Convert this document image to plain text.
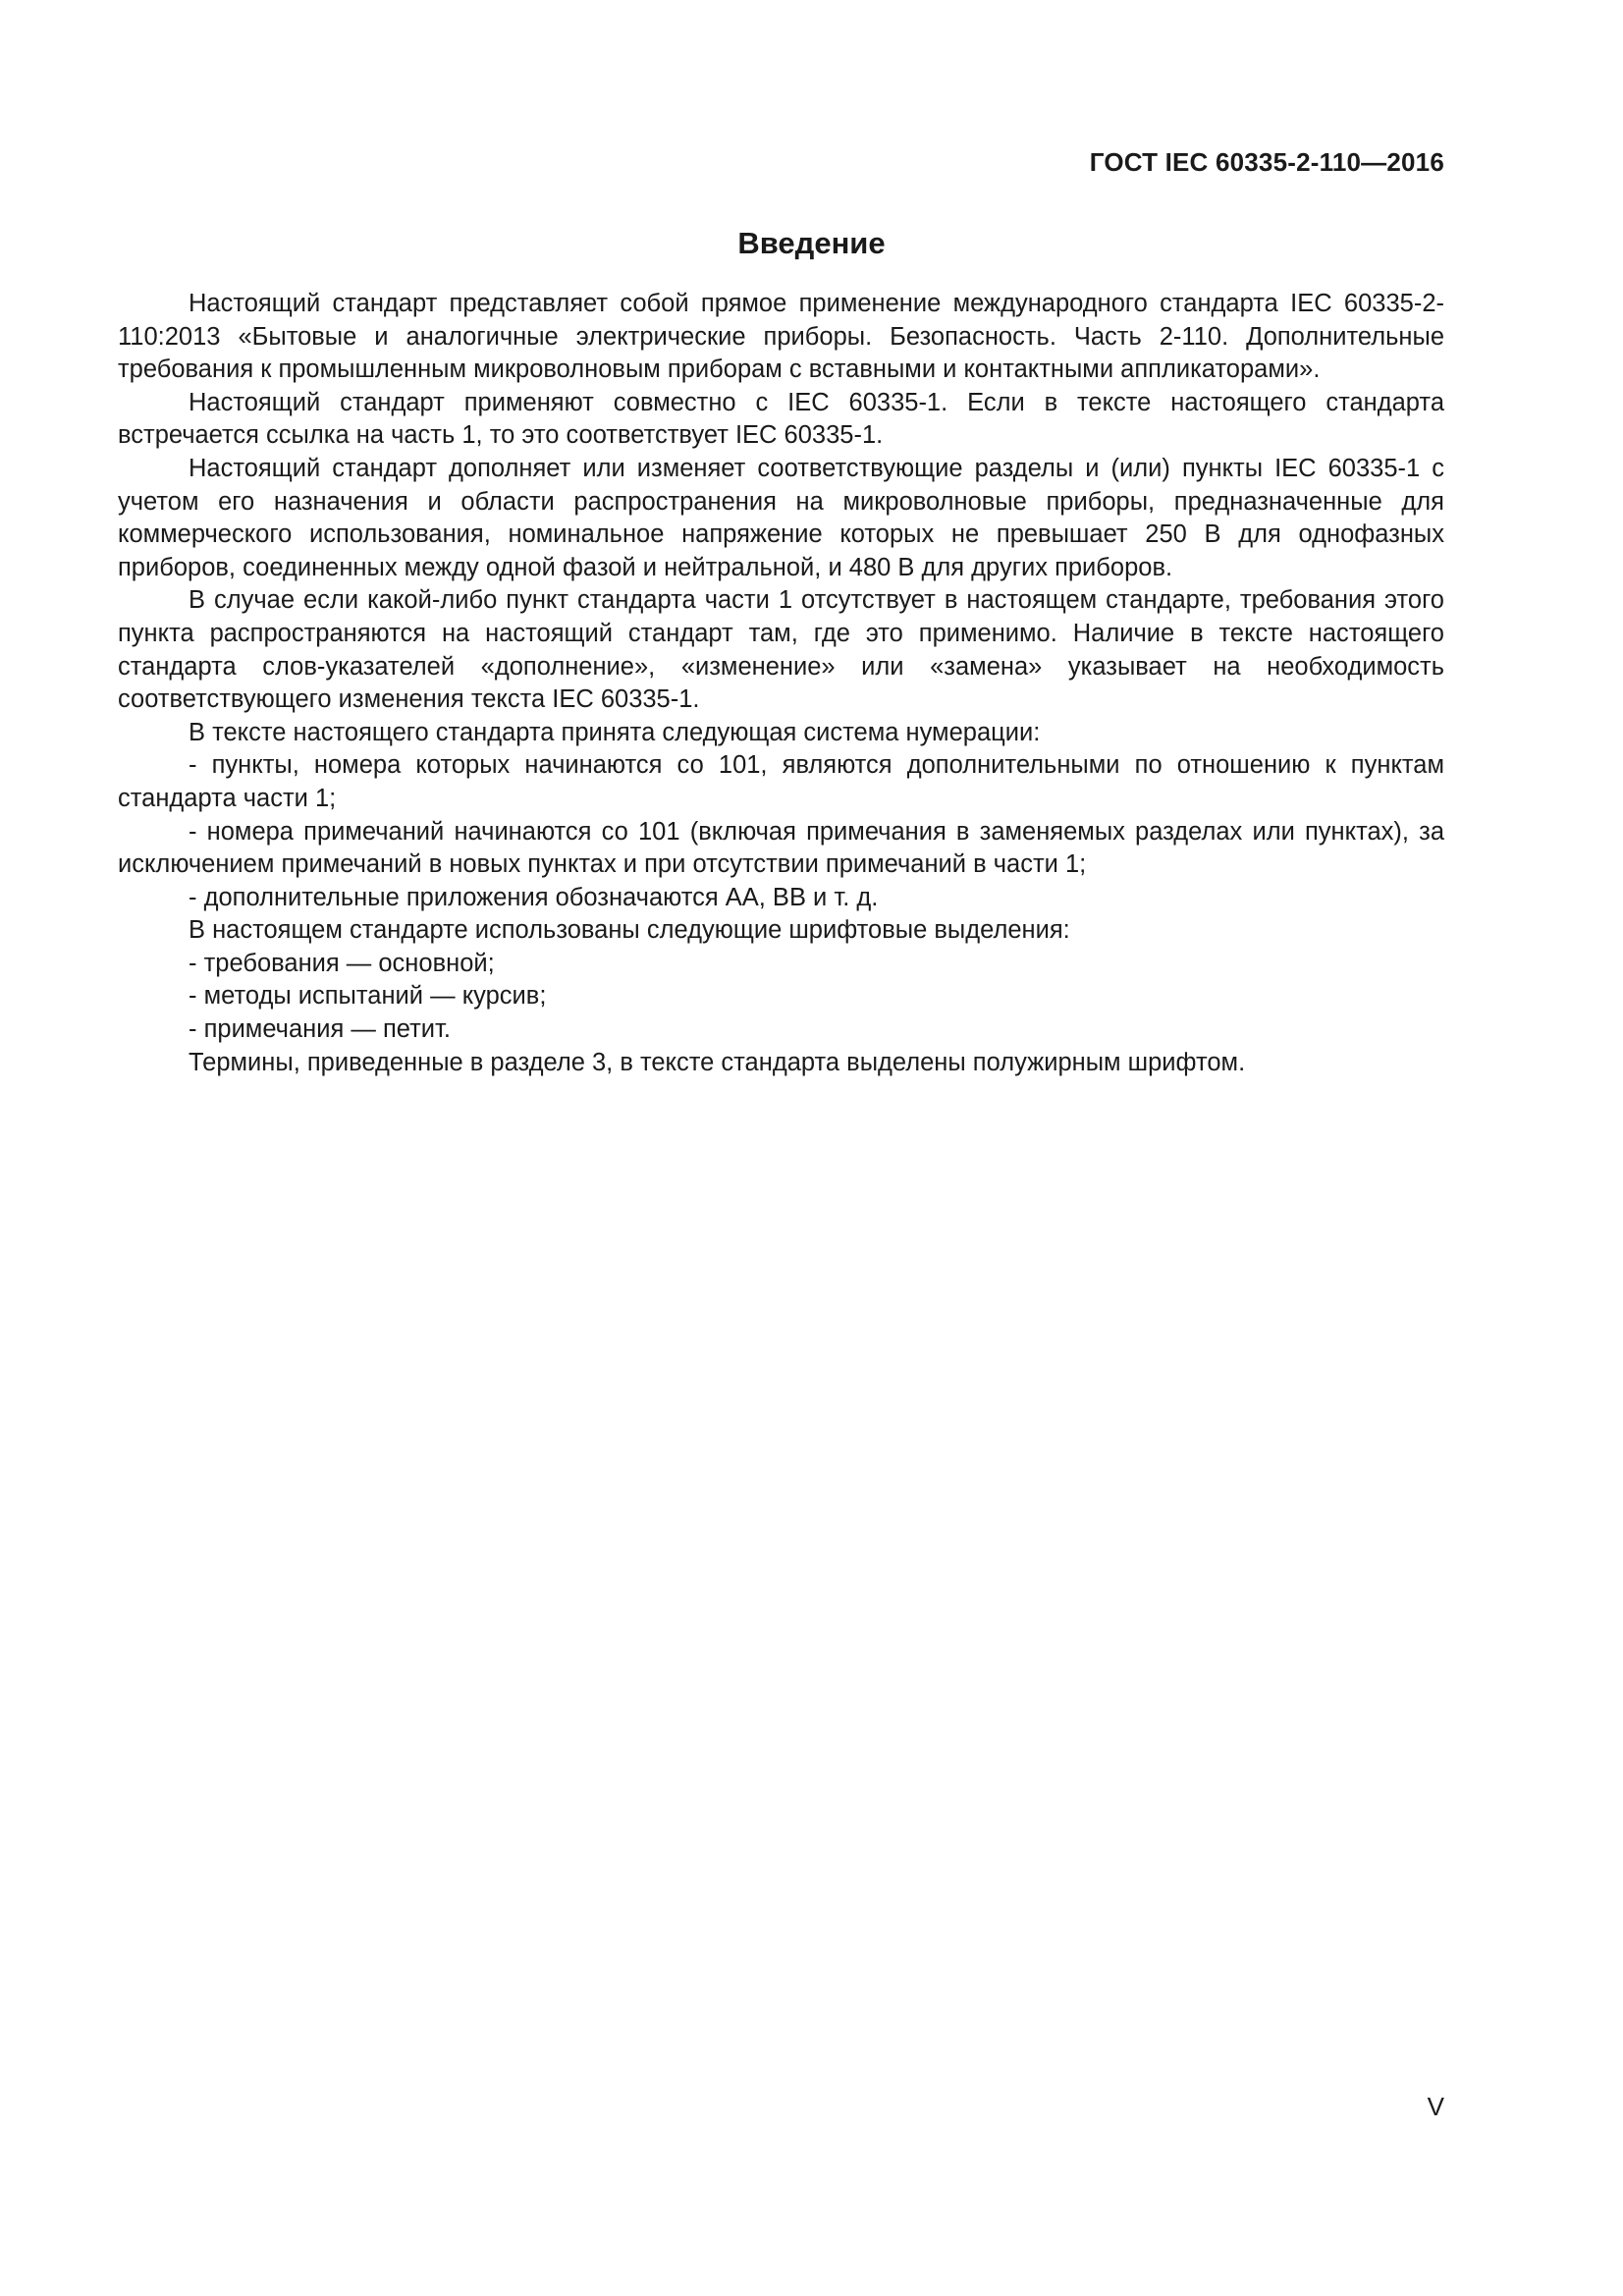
ГОСТ IEC 60335-2-110—2016
Введение

Настоящий стандарт представляет собой прямое применение международного стандарта IEC 60335-2-110:2013 «Бытовые и аналогичные электрические приборы. Безопасность. Часть 2-110. Дополнительные требования к промышленным микроволновым приборам с вставными и контактными аппликаторами».

Настоящий стандарт применяют совместно с IEC 60335-1. Если в тексте настоящего стандарта встречается ссылка на часть 1, то это соответствует IEC 60335-1.

Настоящий стандарт дополняет или изменяет соответствующие разделы и (или) пункты IEC 60335-1 с учетом его назначения и области распространения на микроволновые приборы, предназначенные для коммерческого использования, номинальное напряжение которых не превышает 250 В для однофазных приборов, соединенных между одной фазой и нейтральной, и 480 В для других приборов.

В случае если какой-либо пункт стандарта части 1 отсутствует в настоящем стандарте, требования этого пункта распространяются на настоящий стандарт там, где это применимо. Наличие в тексте настоящего стандарта слов-указателей «дополнение», «изменение» или «замена» указывает на необходимость соответствующего изменения текста IEC 60335-1.

В тексте настоящего стандарта принята следующая система нумерации:

- пункты, номера которых начинаются со 101, являются дополнительными по отношению к пунктам стандарта части 1;

- номера примечаний начинаются со 101 (включая примечания в заменяемых разделах или пунктах), за исключением примечаний в новых пунктах и при отсутствии примечаний в части 1;

- дополнительные приложения обозначаются АА, ВВ и т. д.

В настоящем стандарте использованы следующие шрифтовые выделения:

- требования — основной;

- методы испытаний — курсив;

- примечания — петит.

Термины, приведенные в разделе 3, в тексте стандарта выделены полужирным шрифтом.

V
